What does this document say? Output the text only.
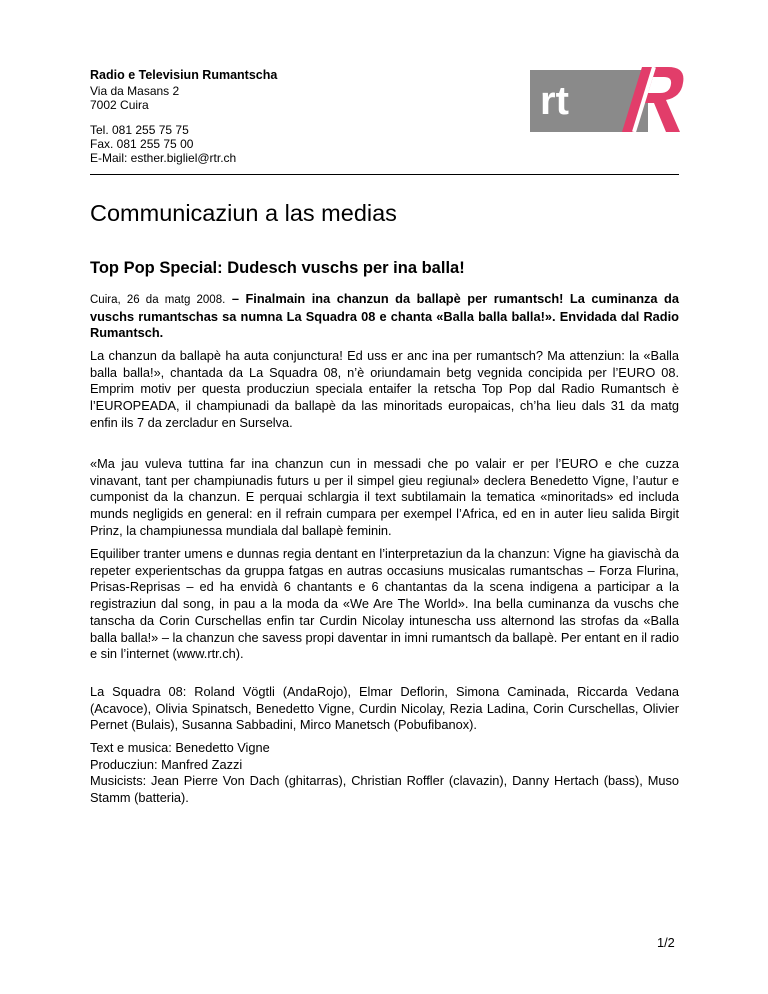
Radio e Televisiun Rumantscha
Via da Masans 2
7002 Cuira
Tel. 081 255 75 75
Fax. 081 255 75 00
E-Mail: esther.bigliel@rtr.ch
rt
Communicaziun a las medias
Top Pop Special: Dudesch vuschs per ina balla!
Cuira, 26 da matg 2008. – Finalmain ina chanzun da ballapè per rumantsch! La cuminanza da vuschs rumantschas sa numna La Squadra 08 e chanta «Balla balla balla!». Envidada dal Radio Rumantsch.
La chanzun da ballapè ha auta conjunctura! Ed uss er anc ina per rumantsch? Ma attenziun: la «Balla balla balla!», chantada da La Squadra 08, n’è oriundamain betg vegnida concipida per l’EURO 08. Emprim motiv per questa producziun speciala entaifer la retscha Top Pop dal Radio Rumantsch è l’EUROPEADA, il champiunadi da ballapè da las minoritads europaicas, ch’ha lieu dals 31 da matg enfin ils 7 da zercladur en Surselva.
«Ma jau vuleva tuttina far ina chanzun cun in messadi che po valair er per l’EURO e che cuzza vinavant, tant per champiunadis futurs u per il simpel gieu regiunal» declera Benedetto Vigne, l’autur e cumponist da la chanzun. E perquai schlargia il text subtilamain la tematica «minoritads» ed includa munds negligids en general: en il refrain cumpara per exempel l’Africa, ed en in auter lieu salida Birgit Prinz, la champiunessa mundiala dal ballapè feminin.
Equiliber tranter umens e dunnas regia dentant en l’interpretaziun da la chanzun: Vigne ha giavischà da repeter experientschas da gruppa fatgas en autras occasiuns musicalas rumantschas – Forza Flurina, Prisas-Reprisas – ed ha envidà 6 chantants e 6 chantantas da la scena indigena a participar a la registraziun dal song, in pau a la moda da «We Are The World». Ina bella cuminanza da vuschs che tanscha da Corin Curschellas enfin tar Curdin Nicolay intunescha uss alternond las strofas da «Balla balla balla!» – la chanzun che savess propi daventar in imni rumantsch da ballapè. Per entant en il radio e sin l’internet (www.rtr.ch).
La Squadra 08: Roland Vögtli (AndaRojo), Elmar Deflorin, Simona Caminada, Riccarda Vedana (Acavoce), Olivia Spinatsch, Benedetto Vigne, Curdin Nicolay, Rezia Ladina, Corin Curschellas, Olivier Pernet (Bulais), Susanna Sabbadini, Mirco Manetsch (Pobufibanox).
Text e musica: Benedetto Vigne
Producziun: Manfred Zazzi
Musicists: Jean Pierre Von Dach (ghitarras), Christian Roffler (clavazin), Danny Hertach (bass), Muso Stamm (batteria).
1/2
